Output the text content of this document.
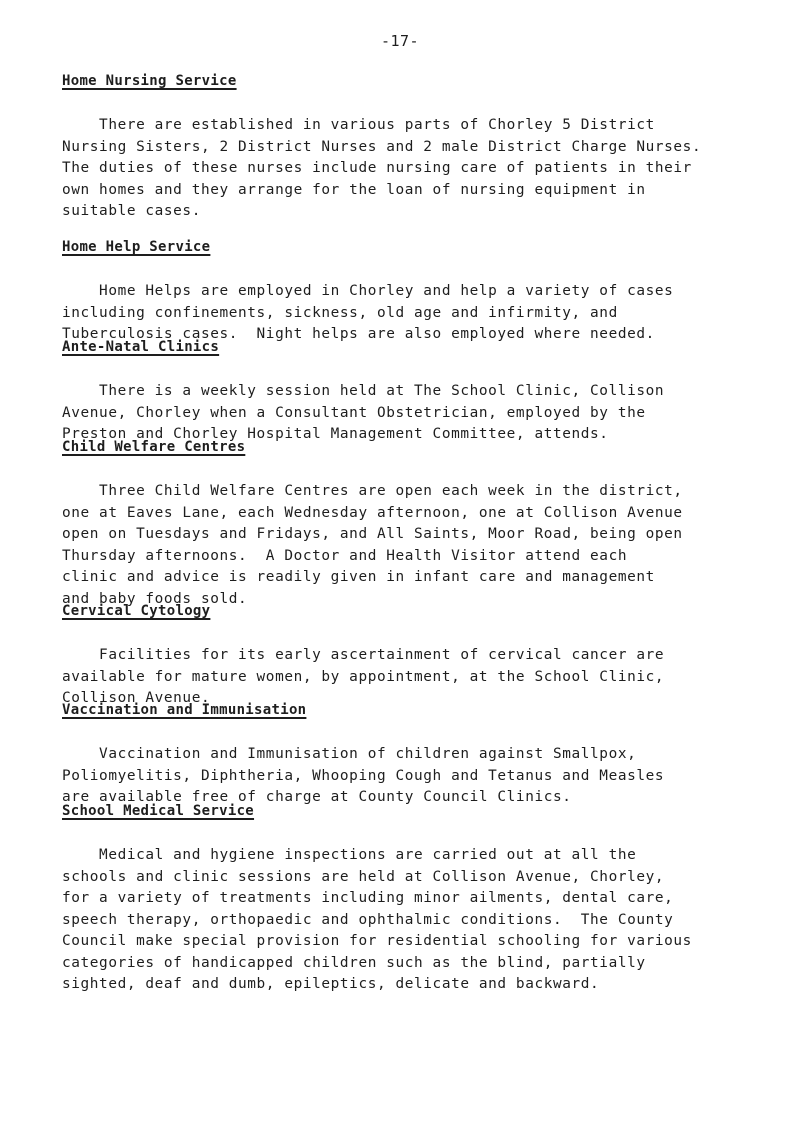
-17-
Home Nursing Service

There are established in various parts of Chorley 5 District
Nursing Sisters, 2 District Nurses and 2 male District Charge Nurses.
The duties of these nurses include nursing care of patients in their
own homes and they arrange for the loan of nursing equipment in
suitable cases.

Home Help Service

Home Helps are employed in Chorley and help a variety of cases
including confinements, sickness, old age and infirmity, and
Tuberculosis cases.  Night helps are also employed where needed.

Ante-Natal Clinics

There is a weekly session held at The School Clinic, Collison
Avenue, Chorley when a Consultant Obstetrician, employed by the
Preston and Chorley Hospital Management Committee, attends.

Child Welfare Centres

Three Child Welfare Centres are open each week in the district,
one at Eaves Lane, each Wednesday afternoon, one at Collison Avenue
open on Tuesdays and Fridays, and All Saints, Moor Road, being open
Thursday afternoons.  A Doctor and Health Visitor attend each
clinic and advice is readily given in infant care and management
and baby foods sold.

Cervical Cytology

Facilities for its early ascertainment of cervical cancer are
available for mature women, by appointment, at the School Clinic,
Collison Avenue.

Vaccination and Immunisation

Vaccination and Immunisation of children against Smallpox,
Poliomyelitis, Diphtheria, Whooping Cough and Tetanus and Measles
are available free of charge at County Council Clinics.

School Medical Service

Medical and hygiene inspections are carried out at all the
schools and clinic sessions are held at Collison Avenue, Chorley,
for a variety of treatments including minor ailments, dental care,
speech therapy, orthopaedic and ophthalmic conditions.  The County
Council make special provision for residential schooling for various
categories of handicapped children such as the blind, partially
sighted, deaf and dumb, epileptics, delicate and backward.
